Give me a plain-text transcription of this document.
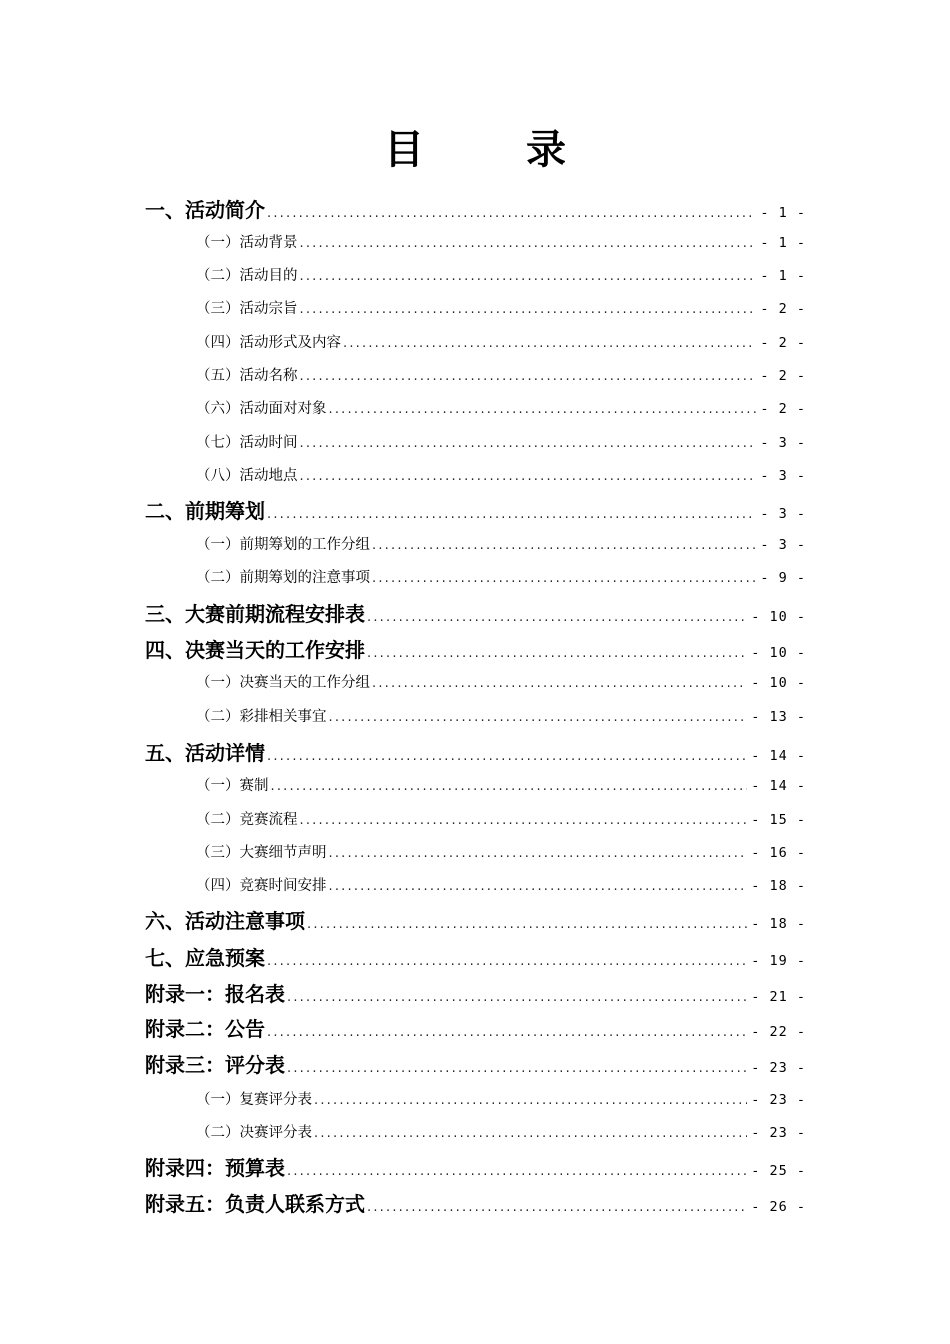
目 录
一、活动简介 .....	- 1 -
（一）活动背景 .....	- 1 -
（二）活动目的 .....	- 1 -
（三）活动宗旨 .....	- 2 -
（四）活动形式及内容 .....	- 2 -
（五）活动名称 .....	- 2 -
（六）活动面对对象 .....	- 2 -
（七）活动时间 .....	- 3 -
（八）活动地点 .....	- 3 -
二、前期筹划 .....	- 3 -
（一）前期筹划的工作分组 .....	- 3 -
（二）前期筹划的注意事项 .....	- 9 -
三、大赛前期流程安排表 .....	- 10 -
四、决赛当天的工作安排 .....	- 10 -
（一）决赛当天的工作分组 .....	- 10 -
（二）彩排相关事宜 .....	- 13 -
五、活动详情 .....	- 14 -
（一）赛制 .....	- 14 -
（二）竞赛流程 .....	- 15 -
（三）大赛细节声明 .....	- 16 -
（四）竞赛时间安排 .....	- 18 -
六、活动注意事项 .....	- 18 -
七、应急预案 .....	- 19 -
附录一：报名表 .....	- 21 -
附录二：公告 .....	- 22 -
附录三：评分表 .....	- 23 -
（一）复赛评分表 .....	- 23 -
（二）决赛评分表 .....	- 23 -
附录四：预算表 .....	- 25 -
附录五：负责人联系方式 .....	- 26 -
